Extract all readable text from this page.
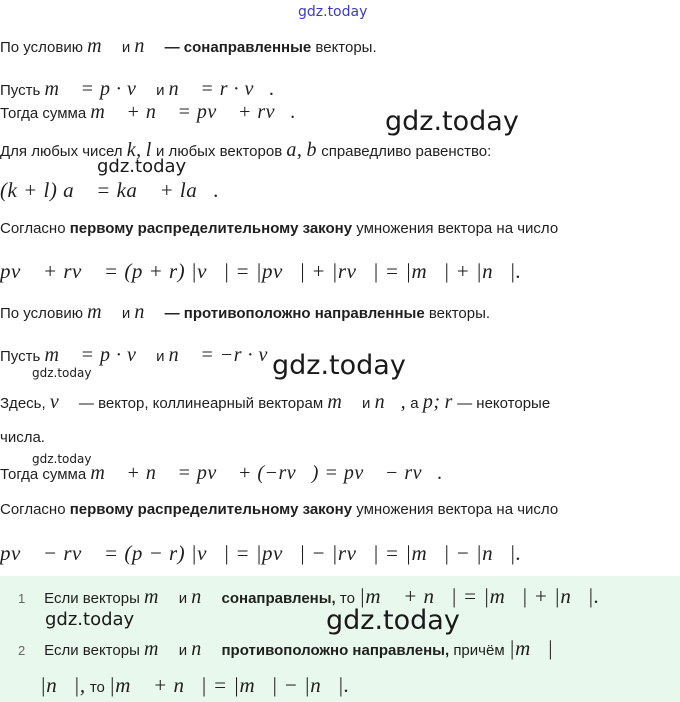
gdz.today
По условию m⃗ и n⃗ — сонаправленные векторы.
Пусть m⃗ = p · v⃗ и n⃗ = r · v⃗.
Тогда сумма m⃗ + n⃗ = pv⃗ + rv⃗.	gdz.today
Для любых чисел k, l и любых векторов a, b справедливо равенство:
gdz.today
(k + l) a⃗ = ka⃗ + la⃗.
Согласно первому распределительному закону умножения вектора на число
pv⃗ + rv⃗ = (p + r) |v⃗| = |pv⃗| + |rv⃗| = |m⃗| + |n⃗|.
По условию m⃗ и n⃗ — противоположно направленные векторы.
Пусть m⃗ = p · v⃗ и n⃗ = −r · v⃗
gdz.today
gdz.today
Здесь, v⃗ — вектор, коллинеарный векторам m⃗ и n⃗, а p; r — некоторые
числа.
gdz.today
Тогда сумма m⃗ + n⃗ = pv⃗ + (−rv⃗) = pv⃗ − rv⃗.
Согласно первому распределительному закону умножения вектора на число
pv⃗ − rv⃗ = (p − r) |v⃗| = |pv⃗| − |rv⃗| = |m⃗| − |n⃗|.
1 Если векторы m⃗ и n⃗ сонаправлены, то |m⃗ + n⃗| = |m⃗| + |n⃗|.
gdz.today	gdz.today
2 Если векторы m⃗ и n⃗ противоположно направлены, причём |m⃗| ⩾
|n⃗|, то |m⃗ + n⃗| = |m⃗| − |n⃗|.
